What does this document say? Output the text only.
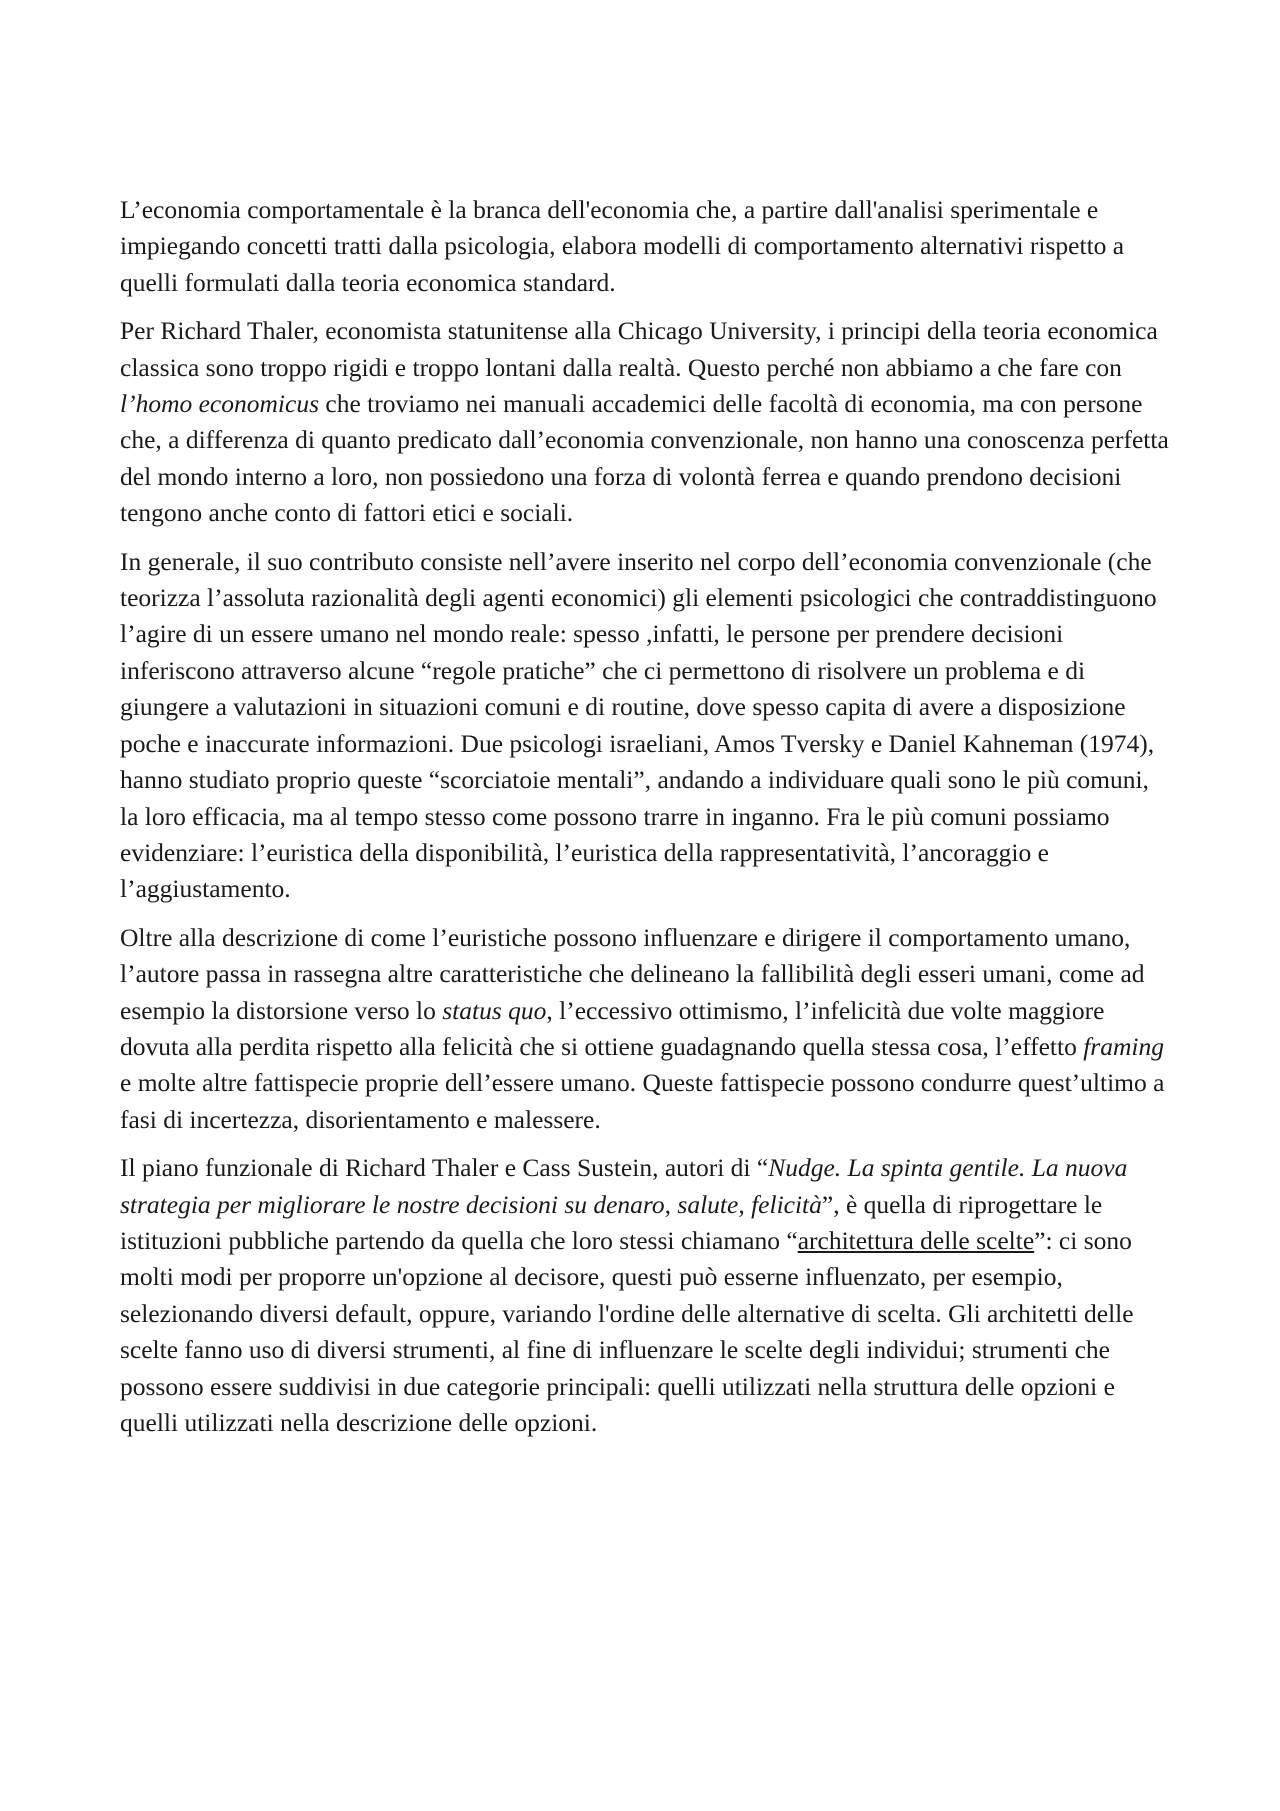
L’economia comportamentale è la branca dell'economia che, a partire dall'analisi sperimentale e impiegando concetti tratti dalla psicologia, elabora modelli di comportamento alternativi rispetto a quelli formulati dalla teoria economica standard.

Per Richard Thaler, economista statunitense alla Chicago University, i principi della teoria economica classica sono troppo rigidi e troppo lontani dalla realtà. Questo perché non abbiamo a che fare con l’homo economicus che troviamo nei manuali accademici delle facoltà di economia, ma con persone che, a differenza di quanto predicato dall’economia convenzionale, non hanno una conoscenza perfetta del mondo interno a loro, non possiedono una forza di volontà ferrea e quando prendono decisioni tengono anche conto di fattori etici e sociali.

In generale, il suo contributo consiste nell’avere inserito nel corpo dell’economia convenzionale (che teorizza l’assoluta razionalità degli agenti economici) gli elementi psicologici che contraddistinguono l’agire di un essere umano nel mondo reale: spesso ,infatti, le persone per prendere decisioni inferiscono attraverso alcune “regole pratiche” che ci permettono di risolvere un problema e di giungere a valutazioni in situazioni comuni e di routine, dove spesso capita di avere a disposizione poche e inaccurate informazioni. Due psicologi israeliani, Amos Tversky e Daniel Kahneman (1974), hanno studiato proprio queste “scorciatoie mentali”, andando a individuare quali sono le più comuni, la loro efficacia, ma al tempo stesso come possono trarre in inganno. Fra le più comuni possiamo evidenziare: l’euristica della disponibilità, l’euristica della rappresentatività, l’ancoraggio e l’aggiustamento.

Oltre alla descrizione di come l’euristiche possono influenzare e dirigere il comportamento umano, l’autore passa in rassegna altre caratteristiche che delineano la fallibilità degli esseri umani, come ad esempio la distorsione verso lo status quo, l’eccessivo ottimismo, l’infelicità due volte maggiore dovuta alla perdita rispetto alla felicità che si ottiene guadagnando quella stessa cosa, l’effetto framing e molte altre fattispecie proprie dell’essere umano. Queste fattispecie possono condurre quest’ultimo a fasi di incertezza, disorientamento e malessere.

Il piano funzionale di Richard Thaler e Cass Sustein, autori di “Nudge. La spinta gentile. La nuova strategia per migliorare le nostre decisioni su denaro, salute, felicità”, è quella di riprogettare le istituzioni pubbliche partendo da quella che loro stessi chiamano “architettura delle scelte”: ci sono molti modi per proporre un'opzione al decisore, questi può esserne influenzato, per esempio, selezionando diversi default, oppure, variando l'ordine delle alternative di scelta. Gli architetti delle scelte fanno uso di diversi strumenti, al fine di influenzare le scelte degli individui; strumenti che possono essere suddivisi in due categorie principali: quelli utilizzati nella struttura delle opzioni e quelli utilizzati nella descrizione delle opzioni.
